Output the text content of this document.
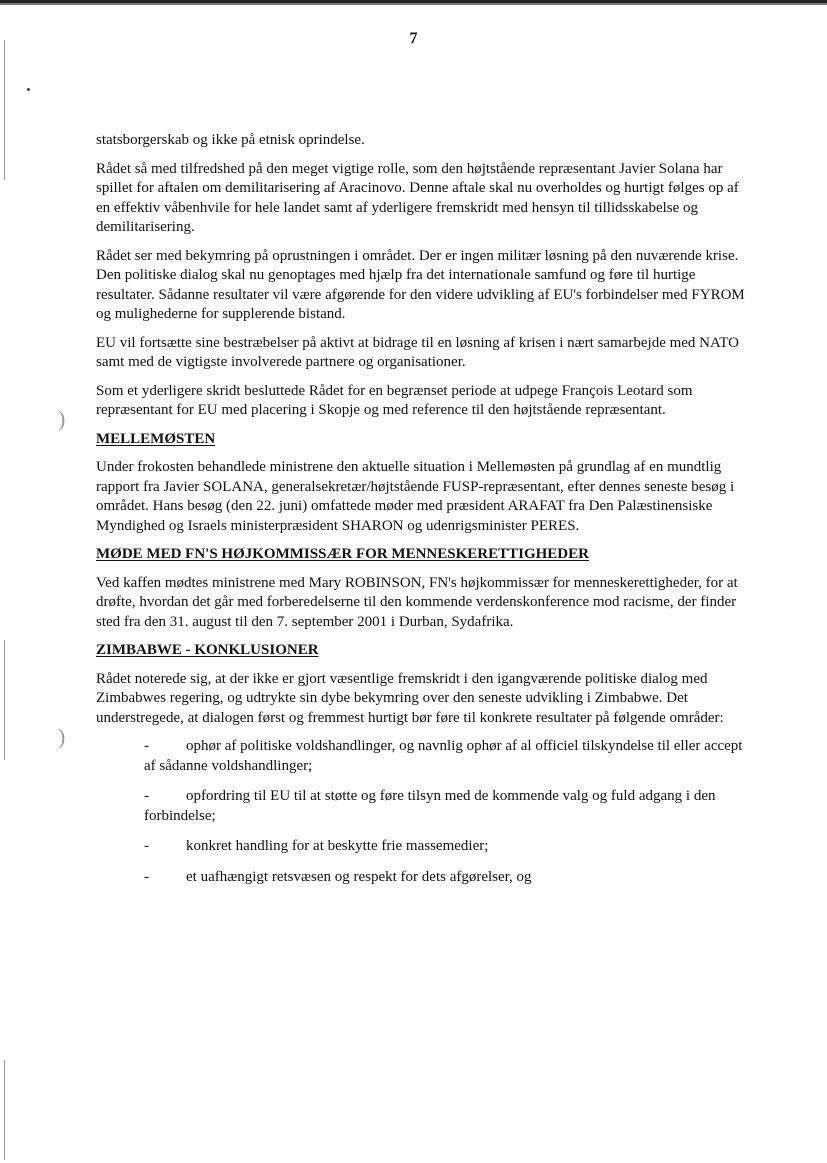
)
)
7

statsborgerskab og ikke på etnisk oprindelse.

Rådet så med tilfredshed på den meget vigtige rolle, som den højtstående repræsentant Javier Solana har spillet for aftalen om demilitarisering af Aracinovo. Denne aftale skal nu overholdes og hurtigt følges op af en effektiv våbenhvile for hele landet samt af yderligere fremskridt med hensyn til tillidsskabelse og demilitarisering.

Rådet ser med bekymring på oprustningen i området. Der er ingen militær løsning på den nuværende krise. Den politiske dialog skal nu genoptages med hjælp fra det internationale samfund og føre til hurtige resultater. Sådanne resultater vil være afgørende for den videre udvikling af EU's forbindelser med FYROM og mulighederne for supplerende bistand.

EU vil fortsætte sine bestræbelser på aktivt at bidrage til en løsning af krisen i nært samarbejde med NATO samt med de vigtigste involverede partnere og organisationer.

Som et yderligere skridt besluttede Rådet for en begrænset periode at udpege François Leotard som repræsentant for EU med placering i Skopje og med reference til den højtstående repræsentant.

MELLEMØSTEN

Under frokosten behandlede ministrene den aktuelle situation i Mellemøsten på grundlag af en mundtlig rapport fra Javier SOLANA, generalsekretær/højtstående FUSP-repræsentant, efter dennes seneste besøg i området. Hans besøg (den 22. juni) omfattede møder med præsident ARAFAT fra Den Palæstinensiske Myndighed og Israels ministerpræsident SHARON og udenrigsminister PERES.

MØDE MED FN'S HØJKOMMISSÆR FOR MENNESKERETTIGHEDER

Ved kaffen mødtes ministrene med Mary ROBINSON, FN's højkommissær for menneskerettigheder, for at drøfte, hvordan det går med forberedelserne til den kommende verdenskonference mod racisme, der finder sted fra den 31. august til den 7. september 2001 i Durban, Sydafrika.

ZIMBABWE - KONKLUSIONER

Rådet noterede sig, at der ikke er gjort væsentlige fremskridt i den igangværende politiske dialog med Zimbabwes regering, og udtrykte sin dybe bekymring over den seneste udvikling i Zimbabwe. Det understregede, at dialogen først og fremmest hurtigt bør føre til konkrete resultater på følgende områder:

- ophør af politiske voldshandlinger, og navnlig ophør af al officiel tilskyndelse til eller accept af sådanne voldshandlinger;
- opfordring til EU til at støtte og føre tilsyn med de kommende valg og fuld adgang i den forbindelse;
- konkret handling for at beskytte frie massemedier;
- et uafhængigt retsvæsen og respekt for dets afgørelser, og
